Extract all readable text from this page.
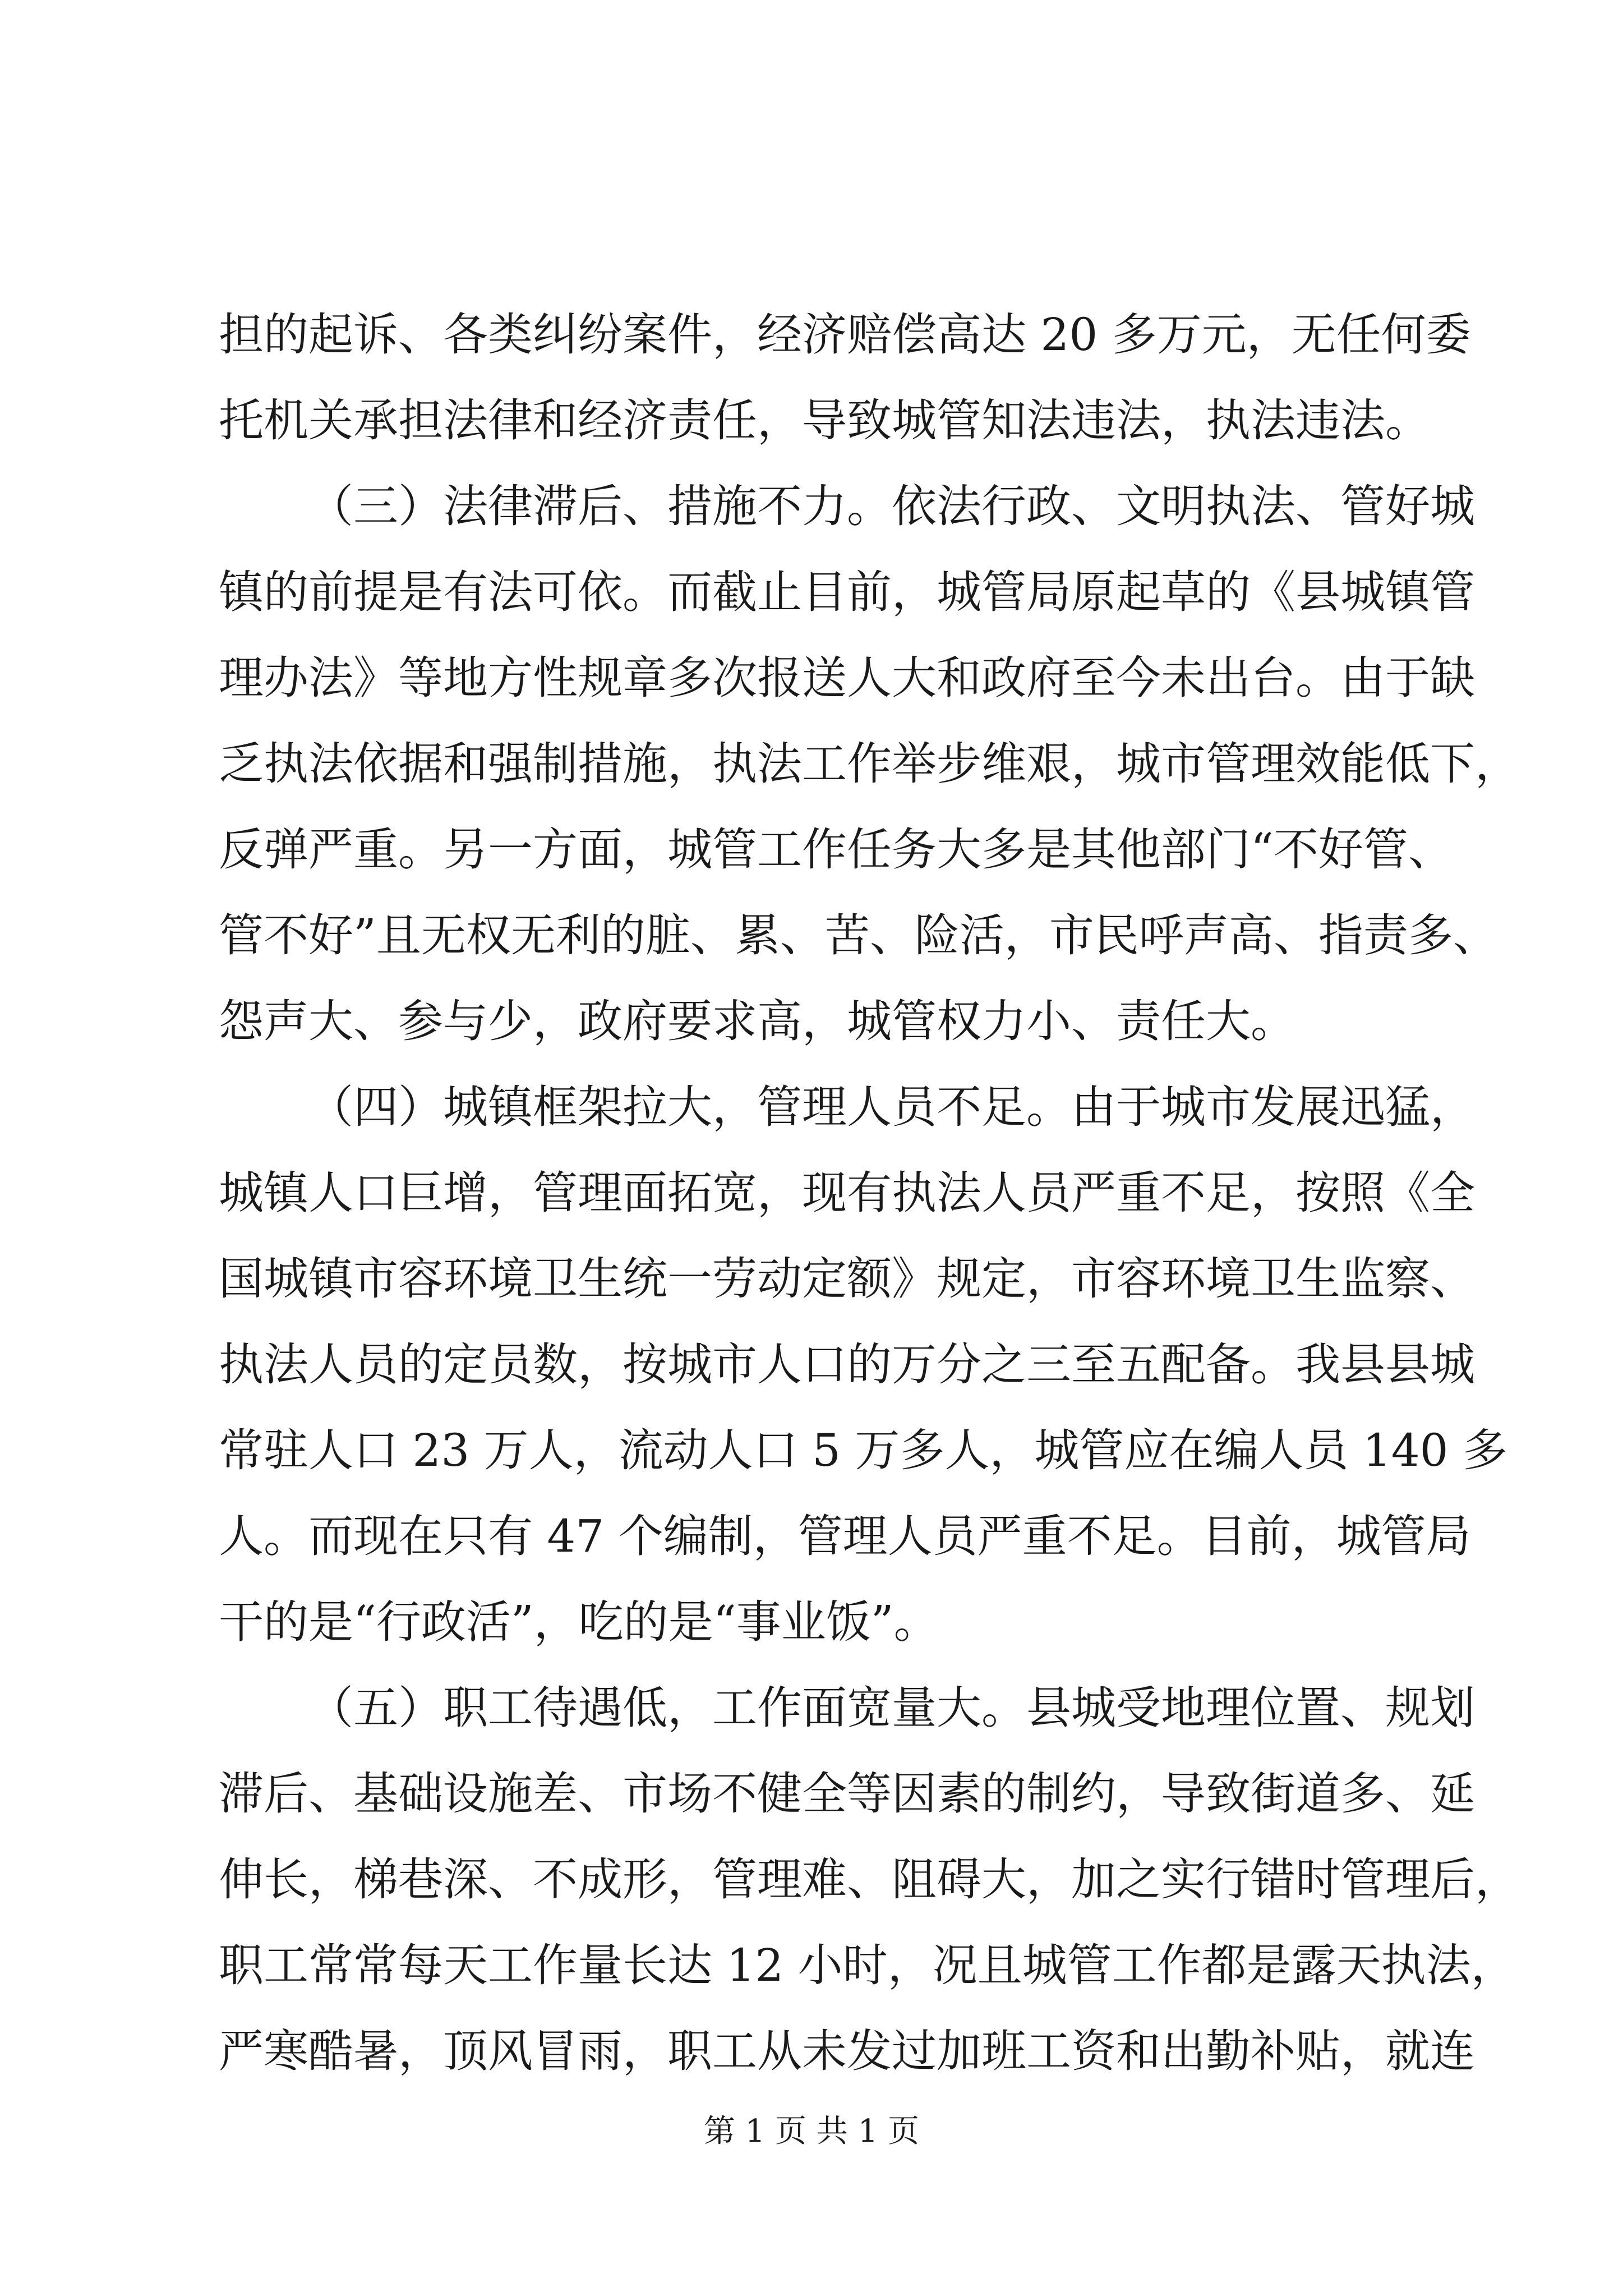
担的起诉、各类纠纷案件，经济赔偿高达 20 多万元，无任何委
托机关承担法律和经济责任，导致城管知法违法，执法违法。
（三）法律滞后、措施不力。依法行政、文明执法、管好城
镇的前提是有法可依。而截止目前，城管局原起草的《县城镇管
理办法》等地方性规章多次报送人大和政府至今未出台。由于缺
乏执法依据和强制措施，执法工作举步维艰，城市管理效能低下，
反弹严重。另一方面，城管工作任务大多是其他部门“不好管、
管不好”且无权无利的脏、累、苦、险活，市民呼声高、指责多、
怨声大、参与少，政府要求高，城管权力小、责任大。
（四）城镇框架拉大，管理人员不足。由于城市发展迅猛，
城镇人口巨增，管理面拓宽，现有执法人员严重不足，按照《全
国城镇市容环境卫生统一劳动定额》规定，市容环境卫生监察、
执法人员的定员数，按城市人口的万分之三至五配备。我县县城
常驻人口 23 万人，流动人口 5 万多人，城管应在编人员 140 多
人。而现在只有 47 个编制，管理人员严重不足。目前，城管局
干的是“行政活”，吃的是“事业饭”。
（五）职工待遇低，工作面宽量大。县城受地理位置、规划
滞后、基础设施差、市场不健全等因素的制约，导致街道多、延
伸长，梯巷深、不成形，管理难、阻碍大，加之实行错时管理后，
职工常常每天工作量长达 12 小时，况且城管工作都是露天执法，
严寒酷暑，顶风冒雨，职工从未发过加班工资和出勤补贴，就连
第 1 页 共 1 页
